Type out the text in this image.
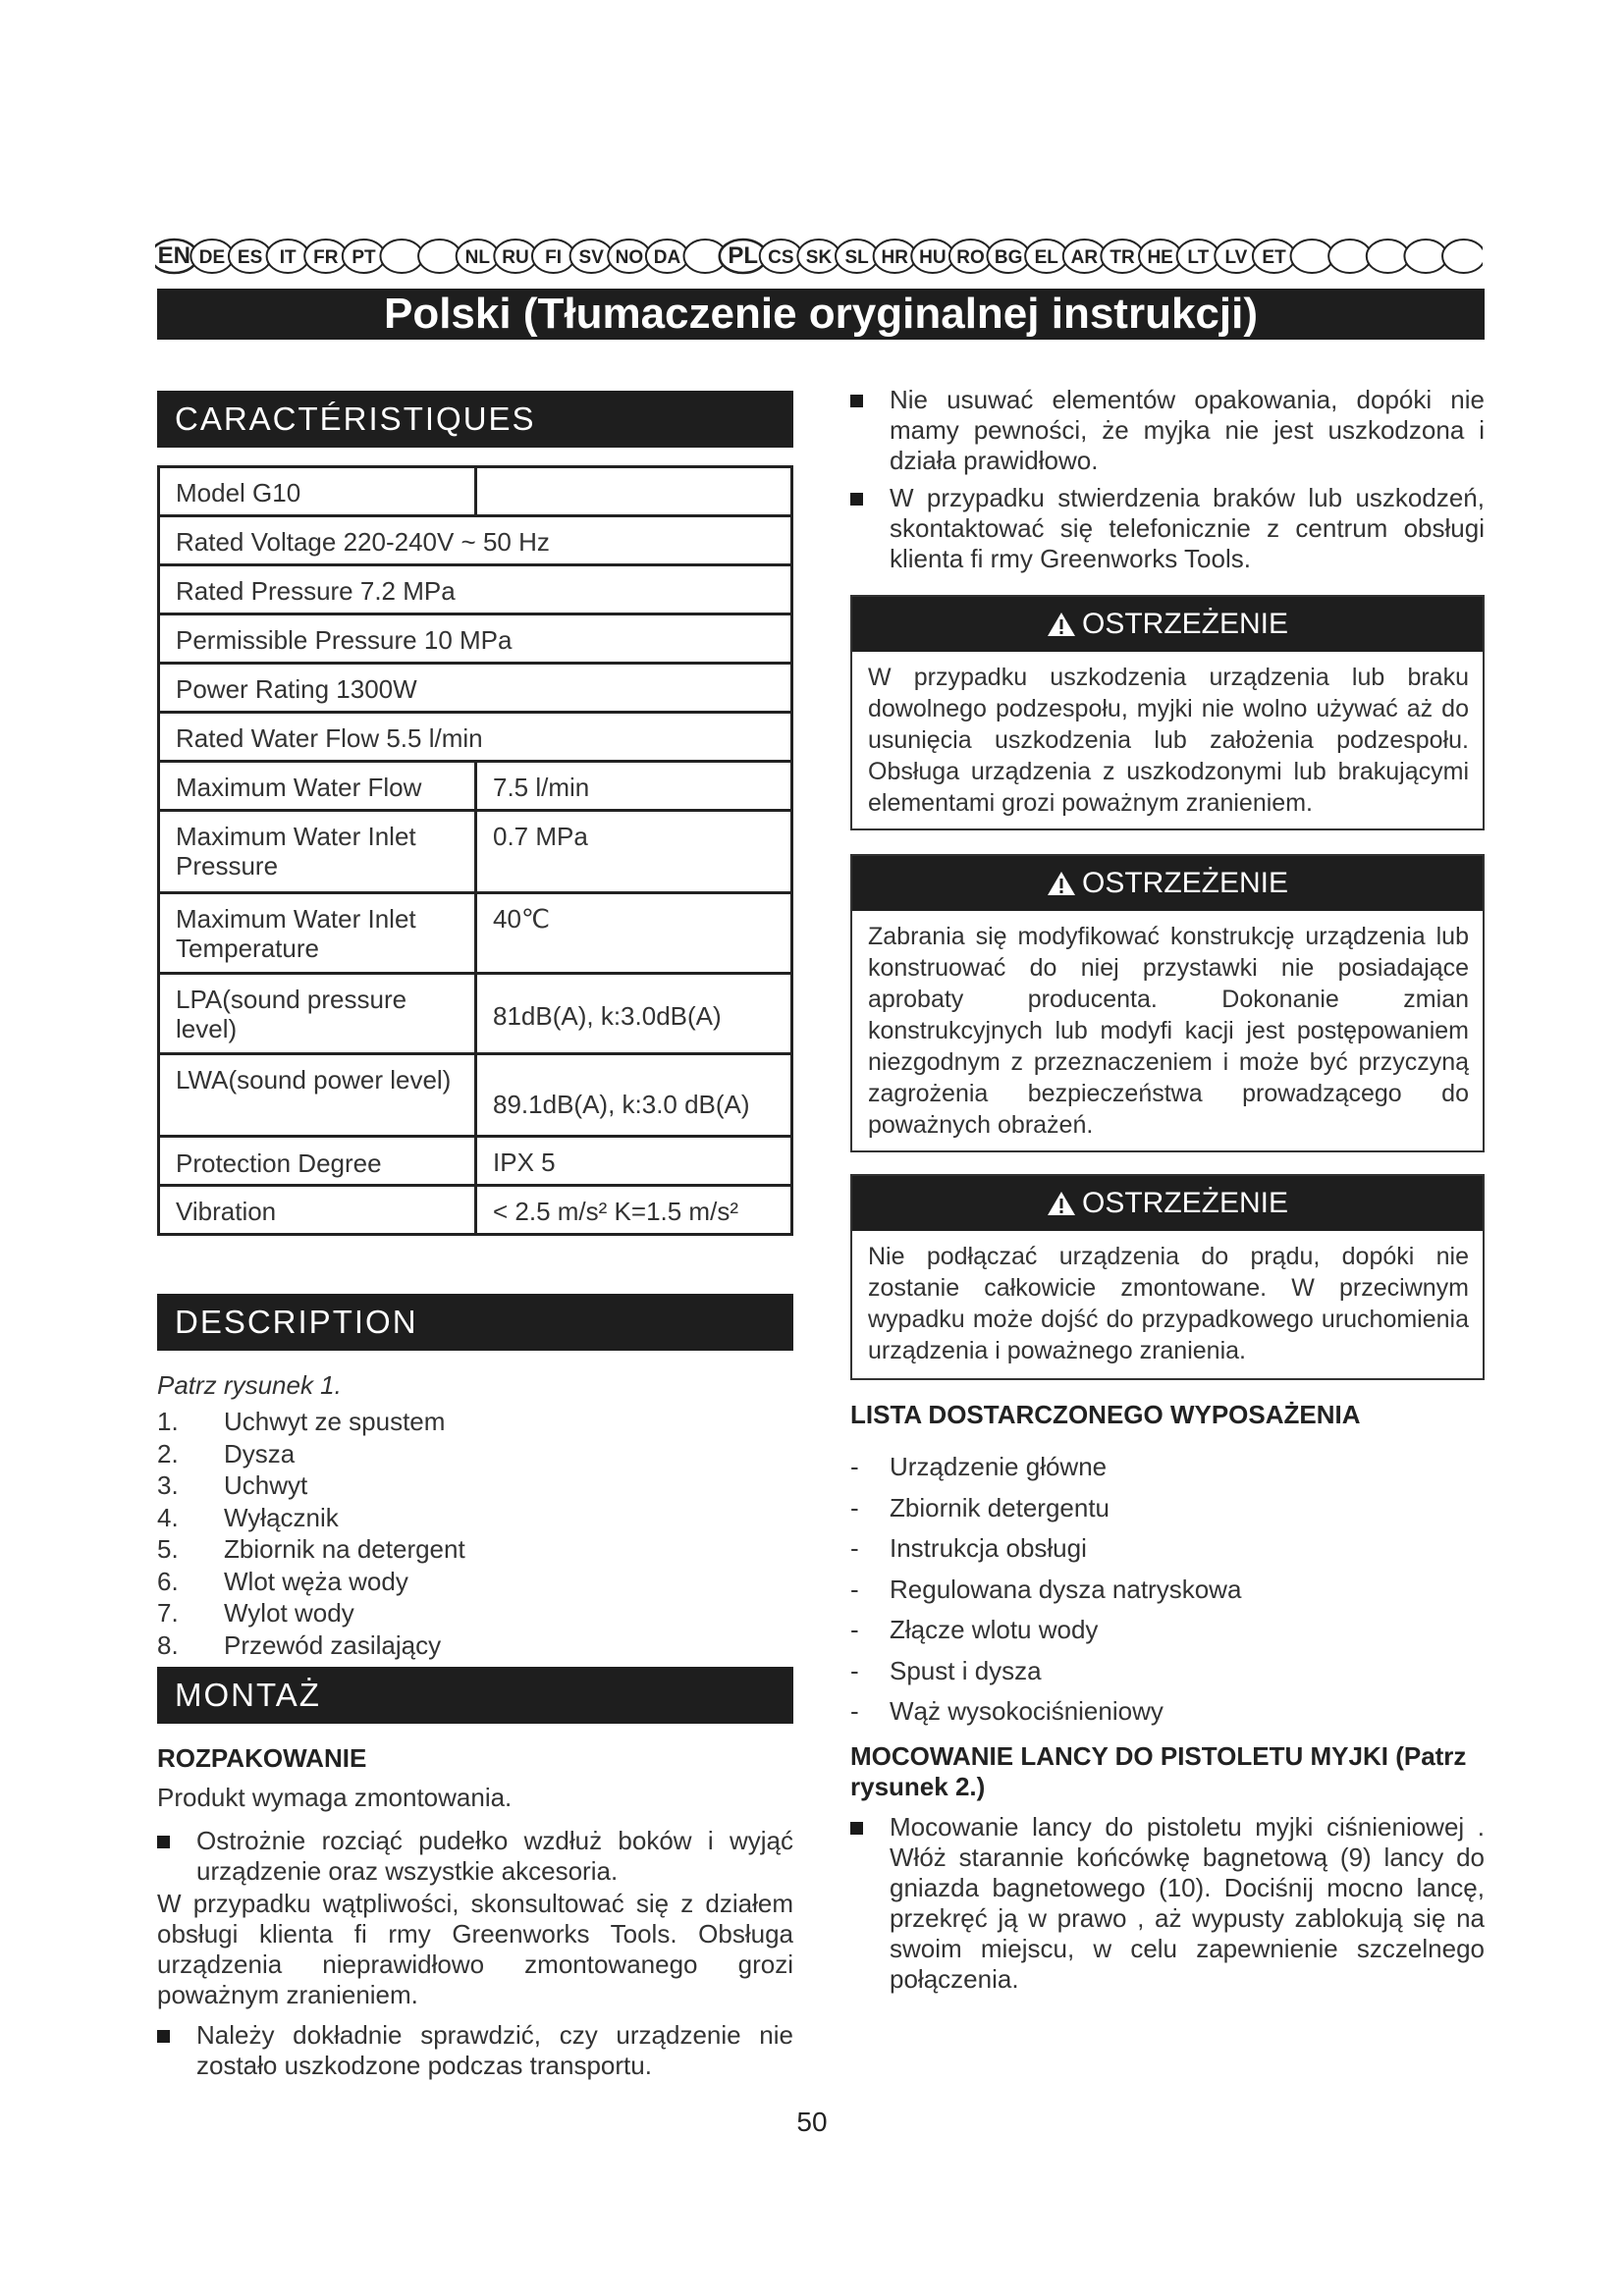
EN DE ES IT FR PT	NL RU FI SV NO DA PL CS SK SL HR HU RO BG EL AR TR HE LT LV ET
Polski (Tłumaczenie oryginalnej instrukcji)
CARACTÉRISTIQUES
Model G10	
Rated Voltage 220-240V ~ 50 Hz	
Rated Pressure 7.2 MPa	
Permissible Pressure 10 MPa	
Power Rating 1300W	
Rated Water Flow 5.5 l/min	
Maximum Water Flow	7.5 l/min
Maximum Water Inlet Pressure	0.7 MPa
Maximum Water Inlet Temperature	40℃
LPA(sound pressure level)	81dB(A), k:3.0dB(A)
LWA(sound power level)	89.1dB(A), k:3.0 dB(A)
Protection Degree	IPX 5
Vibration	< 2.5 m/s² K=1.5 m/s²
DESCRIPTION
Patrz rysunek 1.
1.	Uchwyt ze spustem
2.	Dysza
3.	Uchwyt
4.	Wyłącznik
5.	Zbiornik na detergent
6.	Wlot węża wody
7.	Wylot wody
8.	Przewód zasilający
MONTAŻ
ROZPAKOWANIE
Produkt wymaga zmontowania.
Ostrożnie rozciąć pudełko wzdłuż boków i wyjąć urządzenie oraz wszystkie akcesoria.
W przypadku wątpliwości, skonsultować się z działem obsługi klienta fi rmy Greenworks Tools. Obsługa urządzenia nieprawidłowo zmontowanego grozi poważnym zranieniem.
Należy dokładnie sprawdzić, czy urządzenie nie zostało uszkodzone podczas transportu.
Nie usuwać elementów opakowania, dopóki nie mamy pewności, że myjka nie jest uszkodzona i działa prawidłowo.
W przypadku stwierdzenia braków lub uszkodzeń, skontaktować się telefonicznie z centrum obsługi klienta fi rmy Greenworks Tools.
OSTRZEŻENIE
W przypadku uszkodzenia urządzenia lub braku dowolnego podzespołu, myjki nie wolno używać aż do usunięcia uszkodzenia lub założenia podzespołu. Obsługa urządzenia z uszkodzonymi lub brakującymi elementami grozi poważnym zranieniem.
OSTRZEŻENIE
Zabrania się modyfikować konstrukcję urządzenia lub konstruować do niej przystawki nie posiadające aprobaty producenta. Dokonanie zmian konstrukcyjnych lub modyfi kacji jest postępowaniem niezgodnym z przeznaczeniem i może być przyczyną zagrożenia bezpieczeństwa prowadzącego do poważnych obrażeń.
OSTRZEŻENIE
Nie podłączać urządzenia do prądu, dopóki nie zostanie całkowicie zmontowane. W przeciwnym wypadku może dojść do przypadkowego uruchomienia urządzenia i poważnego zranienia.
LISTA DOSTARCZONEGO WYPOSAŻENIA
-	Urządzenie główne
-	Zbiornik detergentu
-	Instrukcja obsługi
-	Regulowana dysza natryskowa
-	Złącze wlotu wody
-	Spust i dysza
-	Wąż wysokociśnieniowy
MOCOWANIE LANCY DO PISTOLETU MYJKI (Patrz rysunek 2.)
Mocowanie lancy do pistoletu myjki ciśnieniowej . Włóż starannie końcówkę bagnetową (9) lancy do gniazda bagnetowego (10). Dociśnij mocno lancę, przekręć ją w prawo , aż wypusty zablokują się na swoim miejscu, w celu zapewnienie szczelnego połączenia.
50
